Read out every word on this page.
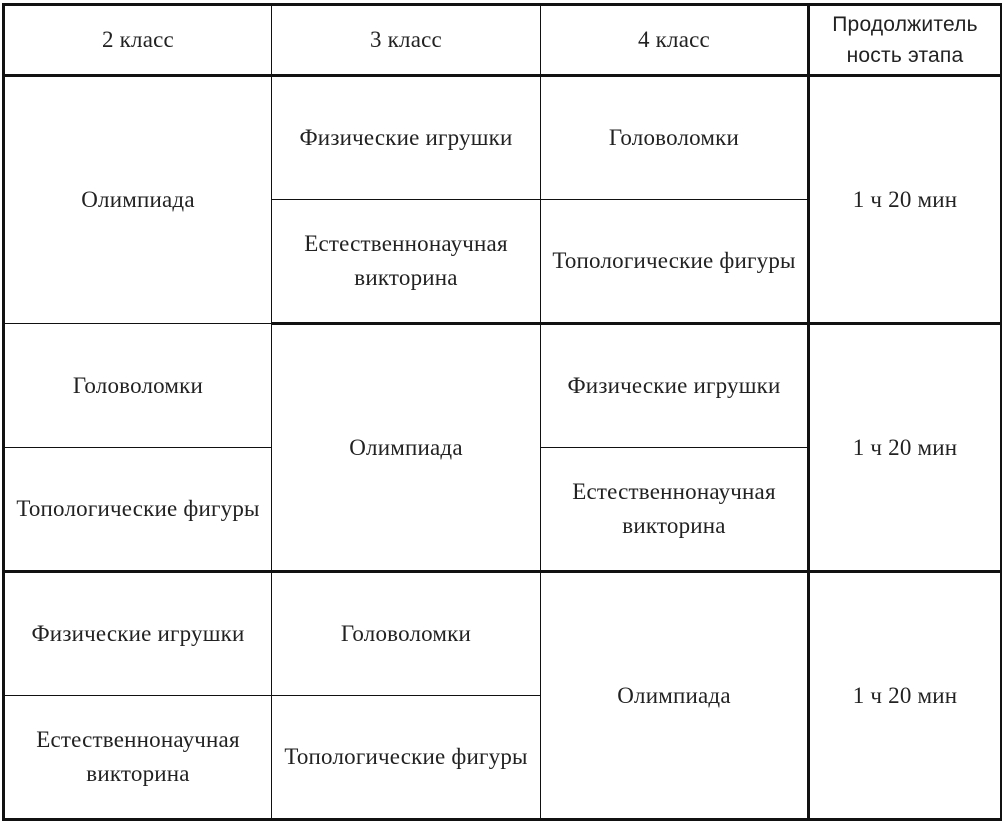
2 класс	3 класс	4 класс	Продолжитель
ность этапа
Олимпиада	Физические игрушки	Головоломки	1 ч 20 мин
	Естественнонаучная викторина	Топологические фигуры	
Головоломки	Олимпиада	Физические игрушки	1 ч 20 мин
Топологические фигуры		Естественнонаучная викторина	
Физические игрушки	Головоломки	Олимпиада	1 ч 20 мин
Естественнонаучная викторина	Топологические фигуры		
